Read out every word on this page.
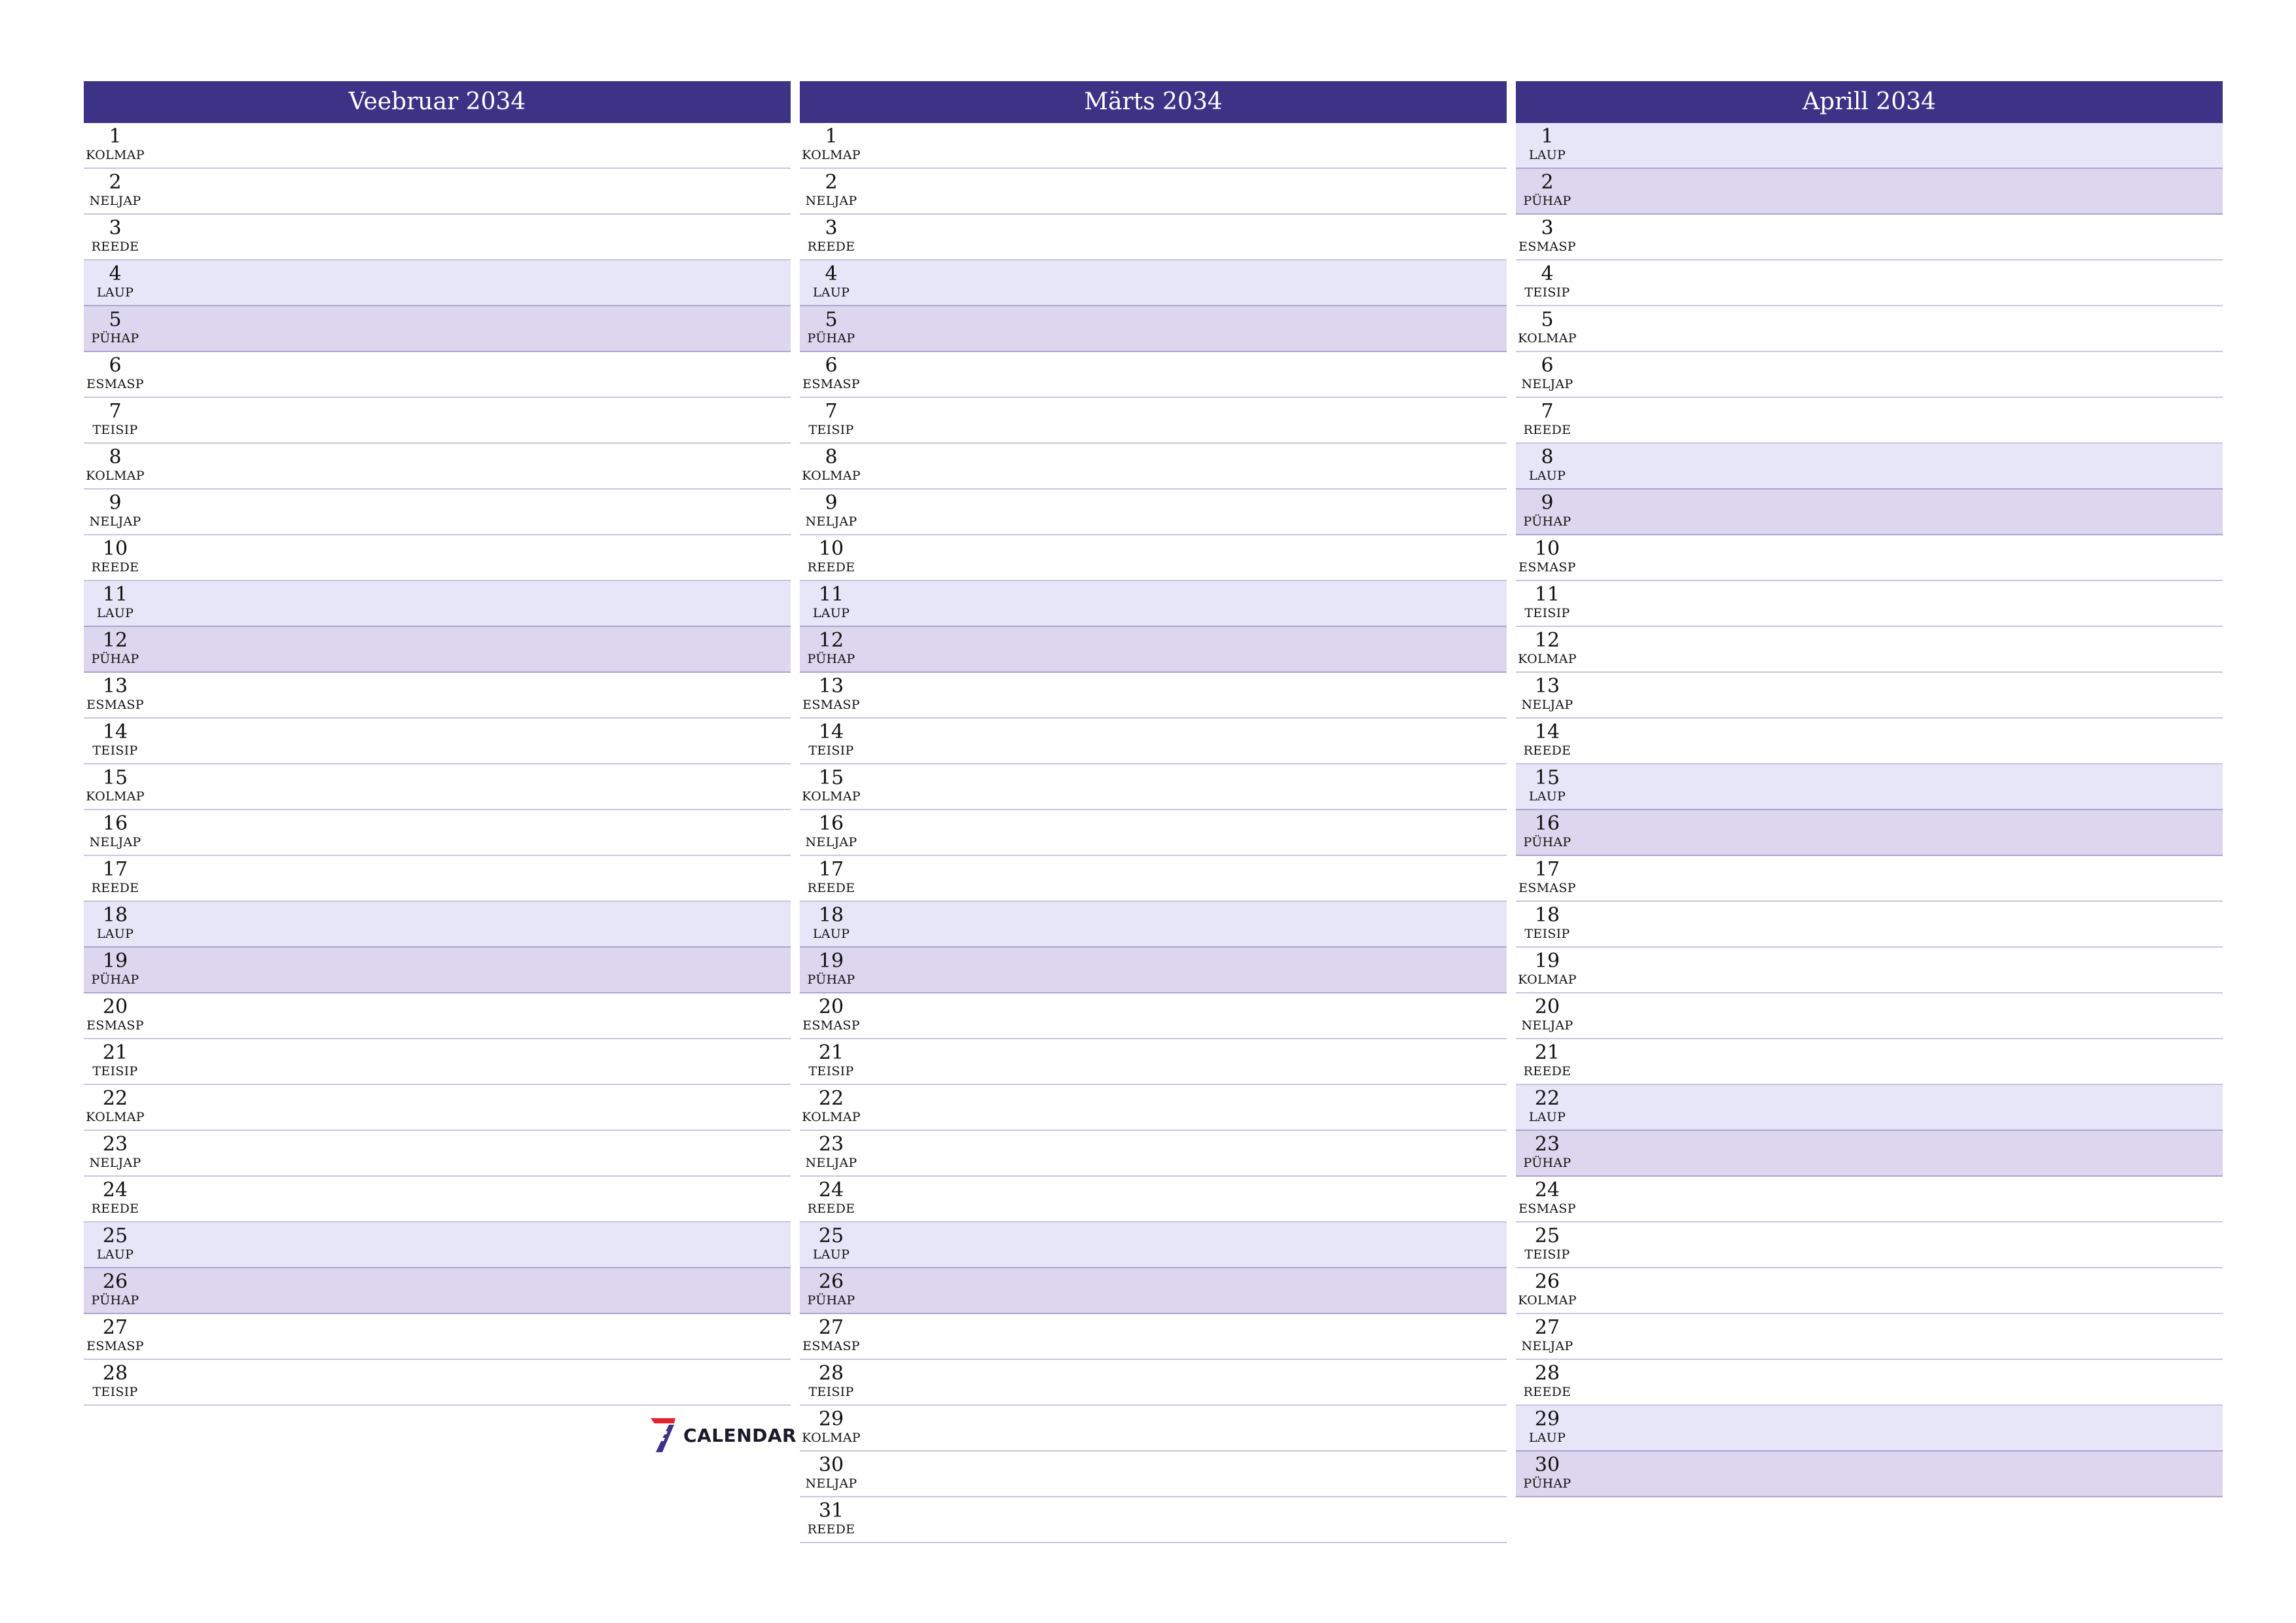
Veebruar 2034
1
KOLMAP
2
NELJAP
3
REEDE
4
LAUP
5
PÜHAP
6
ESMASP
7
TEISIP
8
KOLMAP
9
NELJAP
10
REEDE
11
LAUP
12
PÜHAP
13
ESMASP
14
TEISIP
15
KOLMAP
16
NELJAP
17
REEDE
18
LAUP
19
PÜHAP
20
ESMASP
21
TEISIP
22
KOLMAP
23
NELJAP
24
REEDE
25
LAUP
26
PÜHAP
27
ESMASP
28
TEISIP
Märts 2034
1
KOLMAP
2
NELJAP
3
REEDE
4
LAUP
5
PÜHAP
6
ESMASP
7
TEISIP
8
KOLMAP
9
NELJAP
10
REEDE
11
LAUP
12
PÜHAP
13
ESMASP
14
TEISIP
15
KOLMAP
16
NELJAP
17
REEDE
18
LAUP
19
PÜHAP
20
ESMASP
21
TEISIP
22
KOLMAP
23
NELJAP
24
REEDE
25
LAUP
26
PÜHAP
27
ESMASP
28
TEISIP
29
KOLMAP
30
NELJAP
31
REEDE
Aprill 2034
1
LAUP
2
PÜHAP
3
ESMASP
4
TEISIP
5
KOLMAP
6
NELJAP
7
REEDE
8
LAUP
9
PÜHAP
10
ESMASP
11
TEISIP
12
KOLMAP
13
NELJAP
14
REEDE
15
LAUP
16
PÜHAP
17
ESMASP
18
TEISIP
19
KOLMAP
20
NELJAP
21
REEDE
22
LAUP
23
PÜHAP
24
ESMASP
25
TEISIP
26
KOLMAP
27
NELJAP
28
REEDE
29
LAUP
30
PÜHAP
CALENDAR
